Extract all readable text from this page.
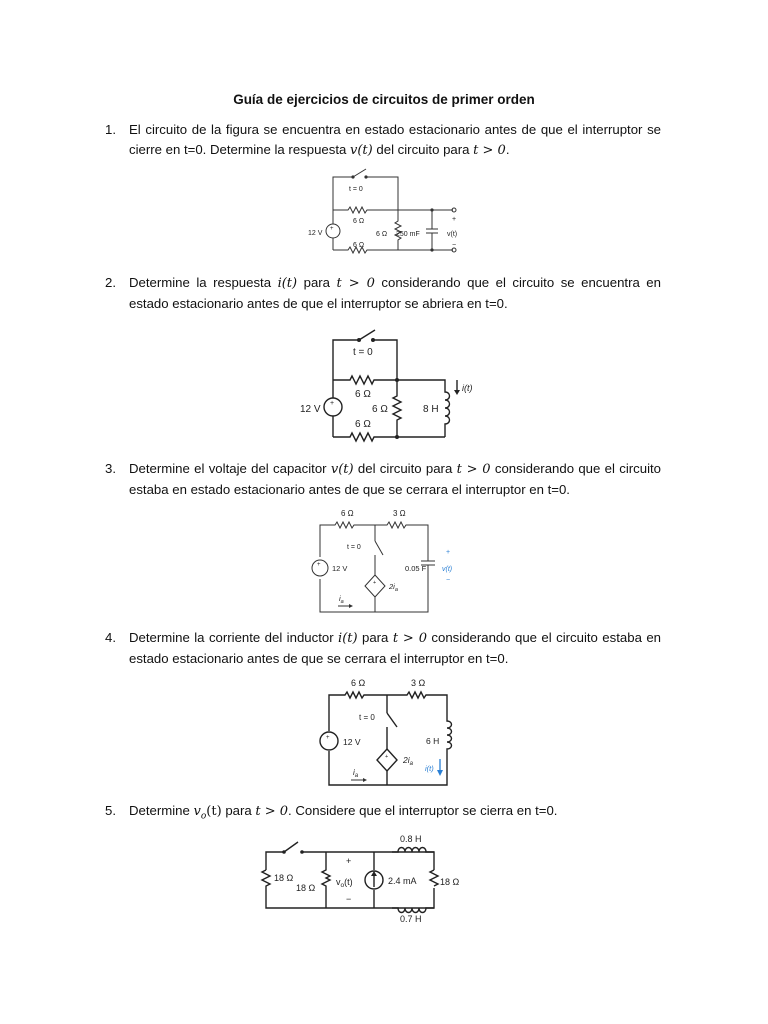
Guía de ejercicios de circuitos de primer orden
1. El circuito de la figura se encuentra en estado estacionario antes de que el interruptor se cierre en t=0. Determine la respuesta v(t) del circuito para t > 0.
t = 0
6 Ω
6 Ω
+
12 V
6 Ω
250 mF
+
v(t)
−
2. Determine la respuesta i(t) para t > 0 considerando que el circuito se encuentra en estado estacionario antes de que el interruptor se abriera en t=0.
t = 0
6 Ω
6 Ω	8 H
+
12 V
6 Ω
i(t)
3. Determine el voltaje del capacitor v(t) del circuito para t > 0 considerando que el circuito estaba en estado estacionario antes de que se cerrara el interruptor en t=0.
6 Ω	3 Ω
0.05 F
+ 12 V
t = 0
+ $2i_a$
$i_a$
+
v(t)
−
4. Determine la corriente del inductor i(t) para t > 0 considerando que el circuito estaba en estado estacionario antes de que se cerrara el interruptor en t=0.
6 Ω	3 Ω
+ 12 V
t = 0
+ $2i_a$
6 H
i(t)
$i_a$
5. Determine $v_o(t)$ para t > 0. Considere que el interruptor se cierra en t=0.
0.8 H
18 Ω
18 Ω
+
$v_o(t)$
−
2.4 mA	18 Ω
0.7 H
